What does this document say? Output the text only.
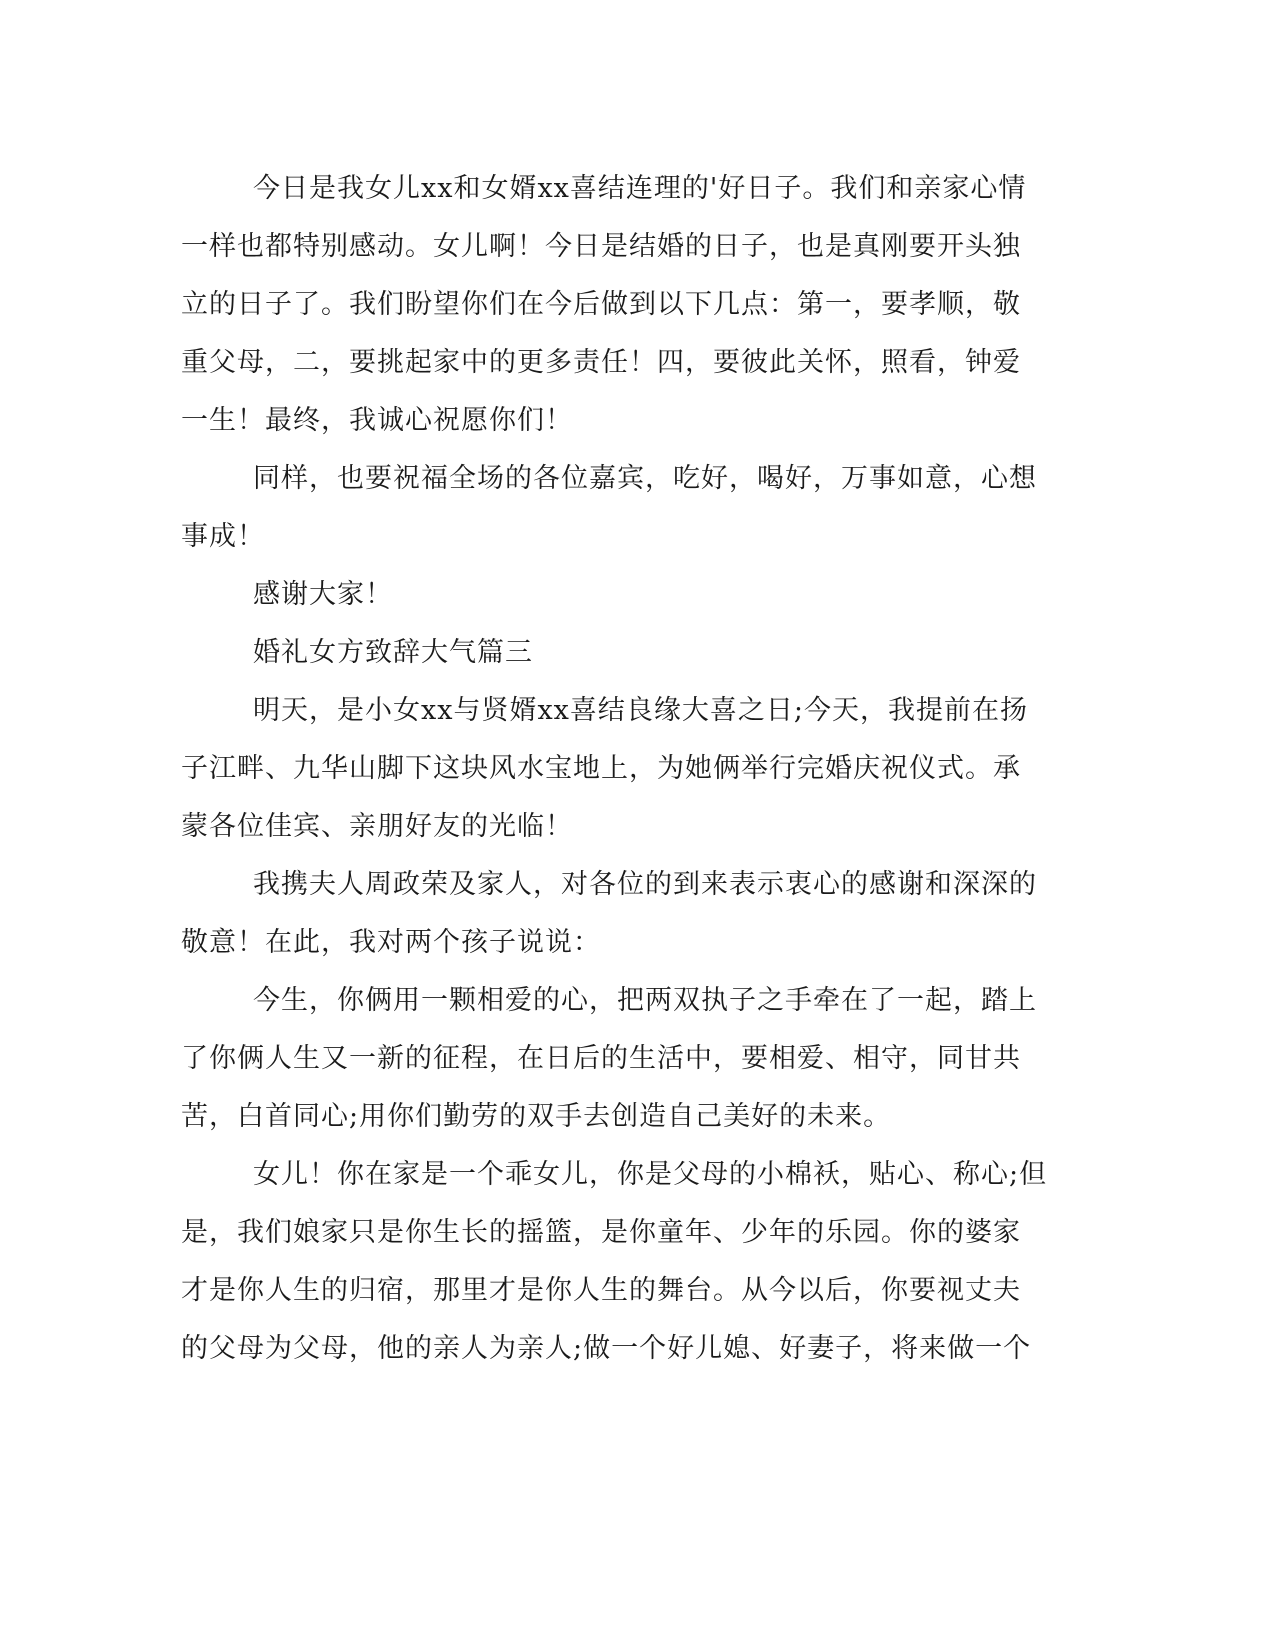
今日是我女儿xx和女婿xx喜结连理的'好日子。我们和亲家心情
一样也都特别感动。女儿啊！今日是结婚的日子，也是真刚要开头独
立的日子了。我们盼望你们在今后做到以下几点：第一，要孝顺，敬
重父母，二，要挑起家中的更多责任！四，要彼此关怀，照看，钟爱
一生！最终，我诚心祝愿你们！
同样，也要祝福全场的各位嘉宾，吃好，喝好，万事如意，心想
事成！
感谢大家！
婚礼女方致辞大气篇三
明天，是小女xx与贤婿xx喜结良缘大喜之日;今天，我提前在扬
子江畔、九华山脚下这块风水宝地上，为她俩举行完婚庆祝仪式。承
蒙各位佳宾、亲朋好友的光临！
我携夫人周政荣及家人，对各位的到来表示衷心的感谢和深深的
敬意！在此，我对两个孩子说说：
今生，你俩用一颗相爱的心，把两双执子之手牵在了一起，踏上
了你俩人生又一新的征程，在日后的生活中，要相爱、相守，同甘共
苦，白首同心;用你们勤劳的双手去创造自己美好的未来。
女儿！你在家是一个乖女儿，你是父母的小棉袄，贴心、称心;但
是，我们娘家只是你生长的摇篮，是你童年、少年的乐园。你的婆家
才是你人生的归宿，那里才是你人生的舞台。从今以后，你要视丈夫
的父母为父母，他的亲人为亲人;做一个好儿媳、好妻子，将来做一个
